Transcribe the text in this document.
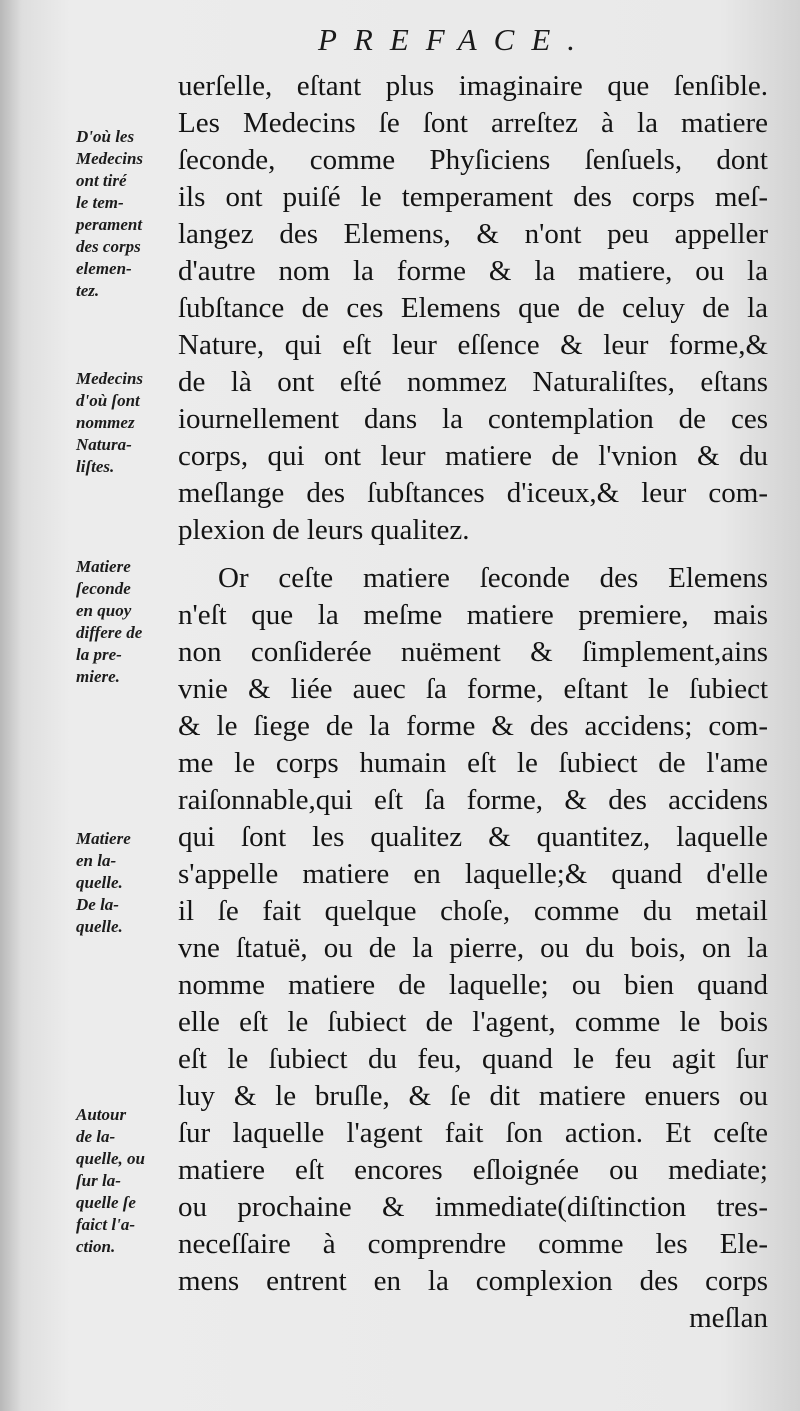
PREFACE.
uerſelle, eſtant plus imaginaire que ſenſible.
Les Medecins ſe ſont arreſtez à la matiere
ſeconde, comme Phyſiciens ſenſuels, dont
ils ont puiſé le temperament des corps meſ-
langez des Elemens, & n'ont peu appeller
d'autre nom la forme & la matiere, ou la
ſubſtance de ces Elemens que de celuy de la
Nature, qui eſt leur eſſence & leur forme,&
de là ont eſté nommez Naturaliſtes, eſtans
iournellement dans la contemplation de ces
corps, qui ont leur matiere de l'vnion & du
meſlange des ſubſtances d'iceux,& leur com-
plexion de leurs qualitez.
Or ceſte matiere ſeconde des Elemens
n'eſt que la meſme matiere premiere, mais
non conſiderée nuëment & ſimplement,ains
vnie & liée auec ſa forme, eſtant le ſubiect
& le ſiege de la forme & des accidens; com-
me le corps humain eſt le ſubiect de l'ame
raiſonnable,qui eſt ſa forme, & des accidens
qui ſont les qualitez & quantitez, laquelle
s'appelle matiere en laquelle;& quand d'elle
il ſe fait quelque choſe, comme du metail
vne ſtatuë, ou de la pierre, ou du bois, on la
nomme matiere de laquelle; ou bien quand
elle eſt le ſubiect de l'agent, comme le bois
eſt le ſubiect du feu, quand le feu agit ſur
luy & le bruſle, & ſe dit matiere enuers ou
ſur laquelle l'agent fait ſon action. Et ceſte
matiere eſt encores eſloignée ou mediate;
ou prochaine & immediate(diſtinction tres-
neceſſaire à comprendre comme les Ele-
mens entrent en la complexion des corps
meſlan
D'où les
Medecins
ont tiré
le tem-
perament
des corps
elemen-
tez.
Medecins
d'où ſont
nommez
Natura-
liſtes.
Matiere
ſeconde
en quoy
differe de
la pre-
miere.
Matiere
en la-
quelle.
De la-
quelle.
Autour
de la-
quelle, ou
ſur la-
quelle ſe
faict l'a-
ction.
